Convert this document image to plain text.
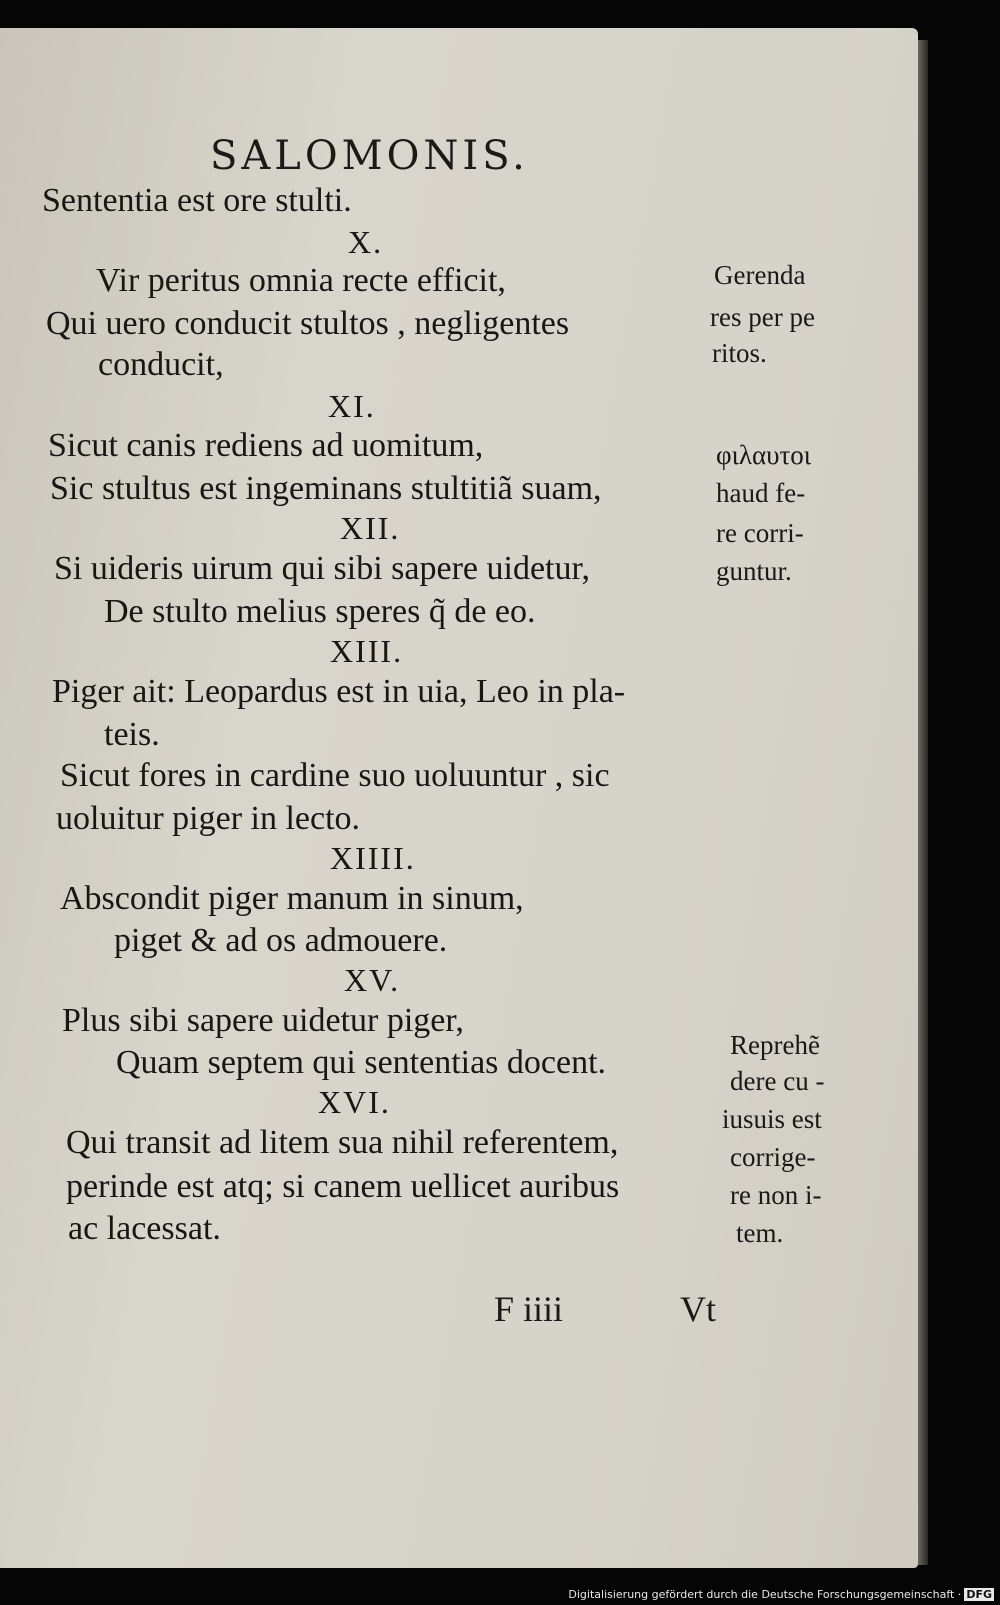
SALOMONIS.
Sententia est ore stulti.
X.
Vir peritus omnia recte efficit,
Qui uero conducit stultos , negligentes
conducit,
XI.
Sicut canis rediens ad uomitum,
Sic stultus est ingeminans stultitiã suam,
XII.
Si uideris uirum qui sibi sapere uidetur,
De stulto melius speres q̃ de eo.
XIII.
Piger ait: Leopardus est in uia, Leo in pla-
teis.
Sicut fores in cardine suo uoluuntur , sic
uoluitur piger in lecto.
XIIII.
Abscondit piger manum in sinum,
piget & ad os admouere.
XV.
Plus sibi sapere uidetur piger,
Quam septem qui sententias docent.
XVI.
Qui transit ad litem sua nihil referentem,
perinde est atq; si canem uellicet auribus
ac lacessat.
Gerenda
res per pe
ritos.
φιλαυτοι
haud fe-
re corri-
guntur.
Reprehẽ
dere cu -
iusuis est
corrige-
re non i-
tem.
F iiii	Vt
Digitalisierung gefördert durch die Deutsche Forschungsgemeinschaft · DFG
